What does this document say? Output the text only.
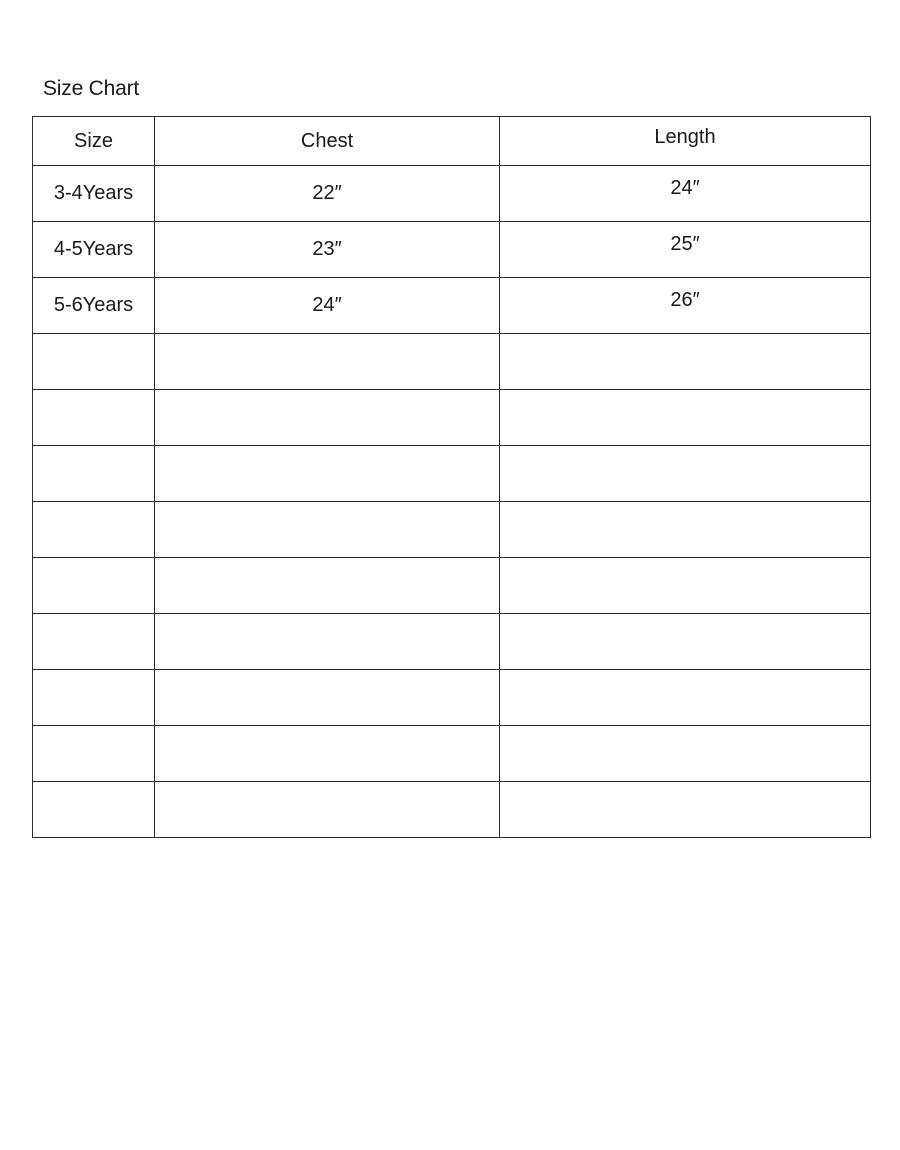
Size Chart
Size	Chest	Length

3-4Years	22″	24″

4-5Years	23″	25″

5-6Years	24″	26″
